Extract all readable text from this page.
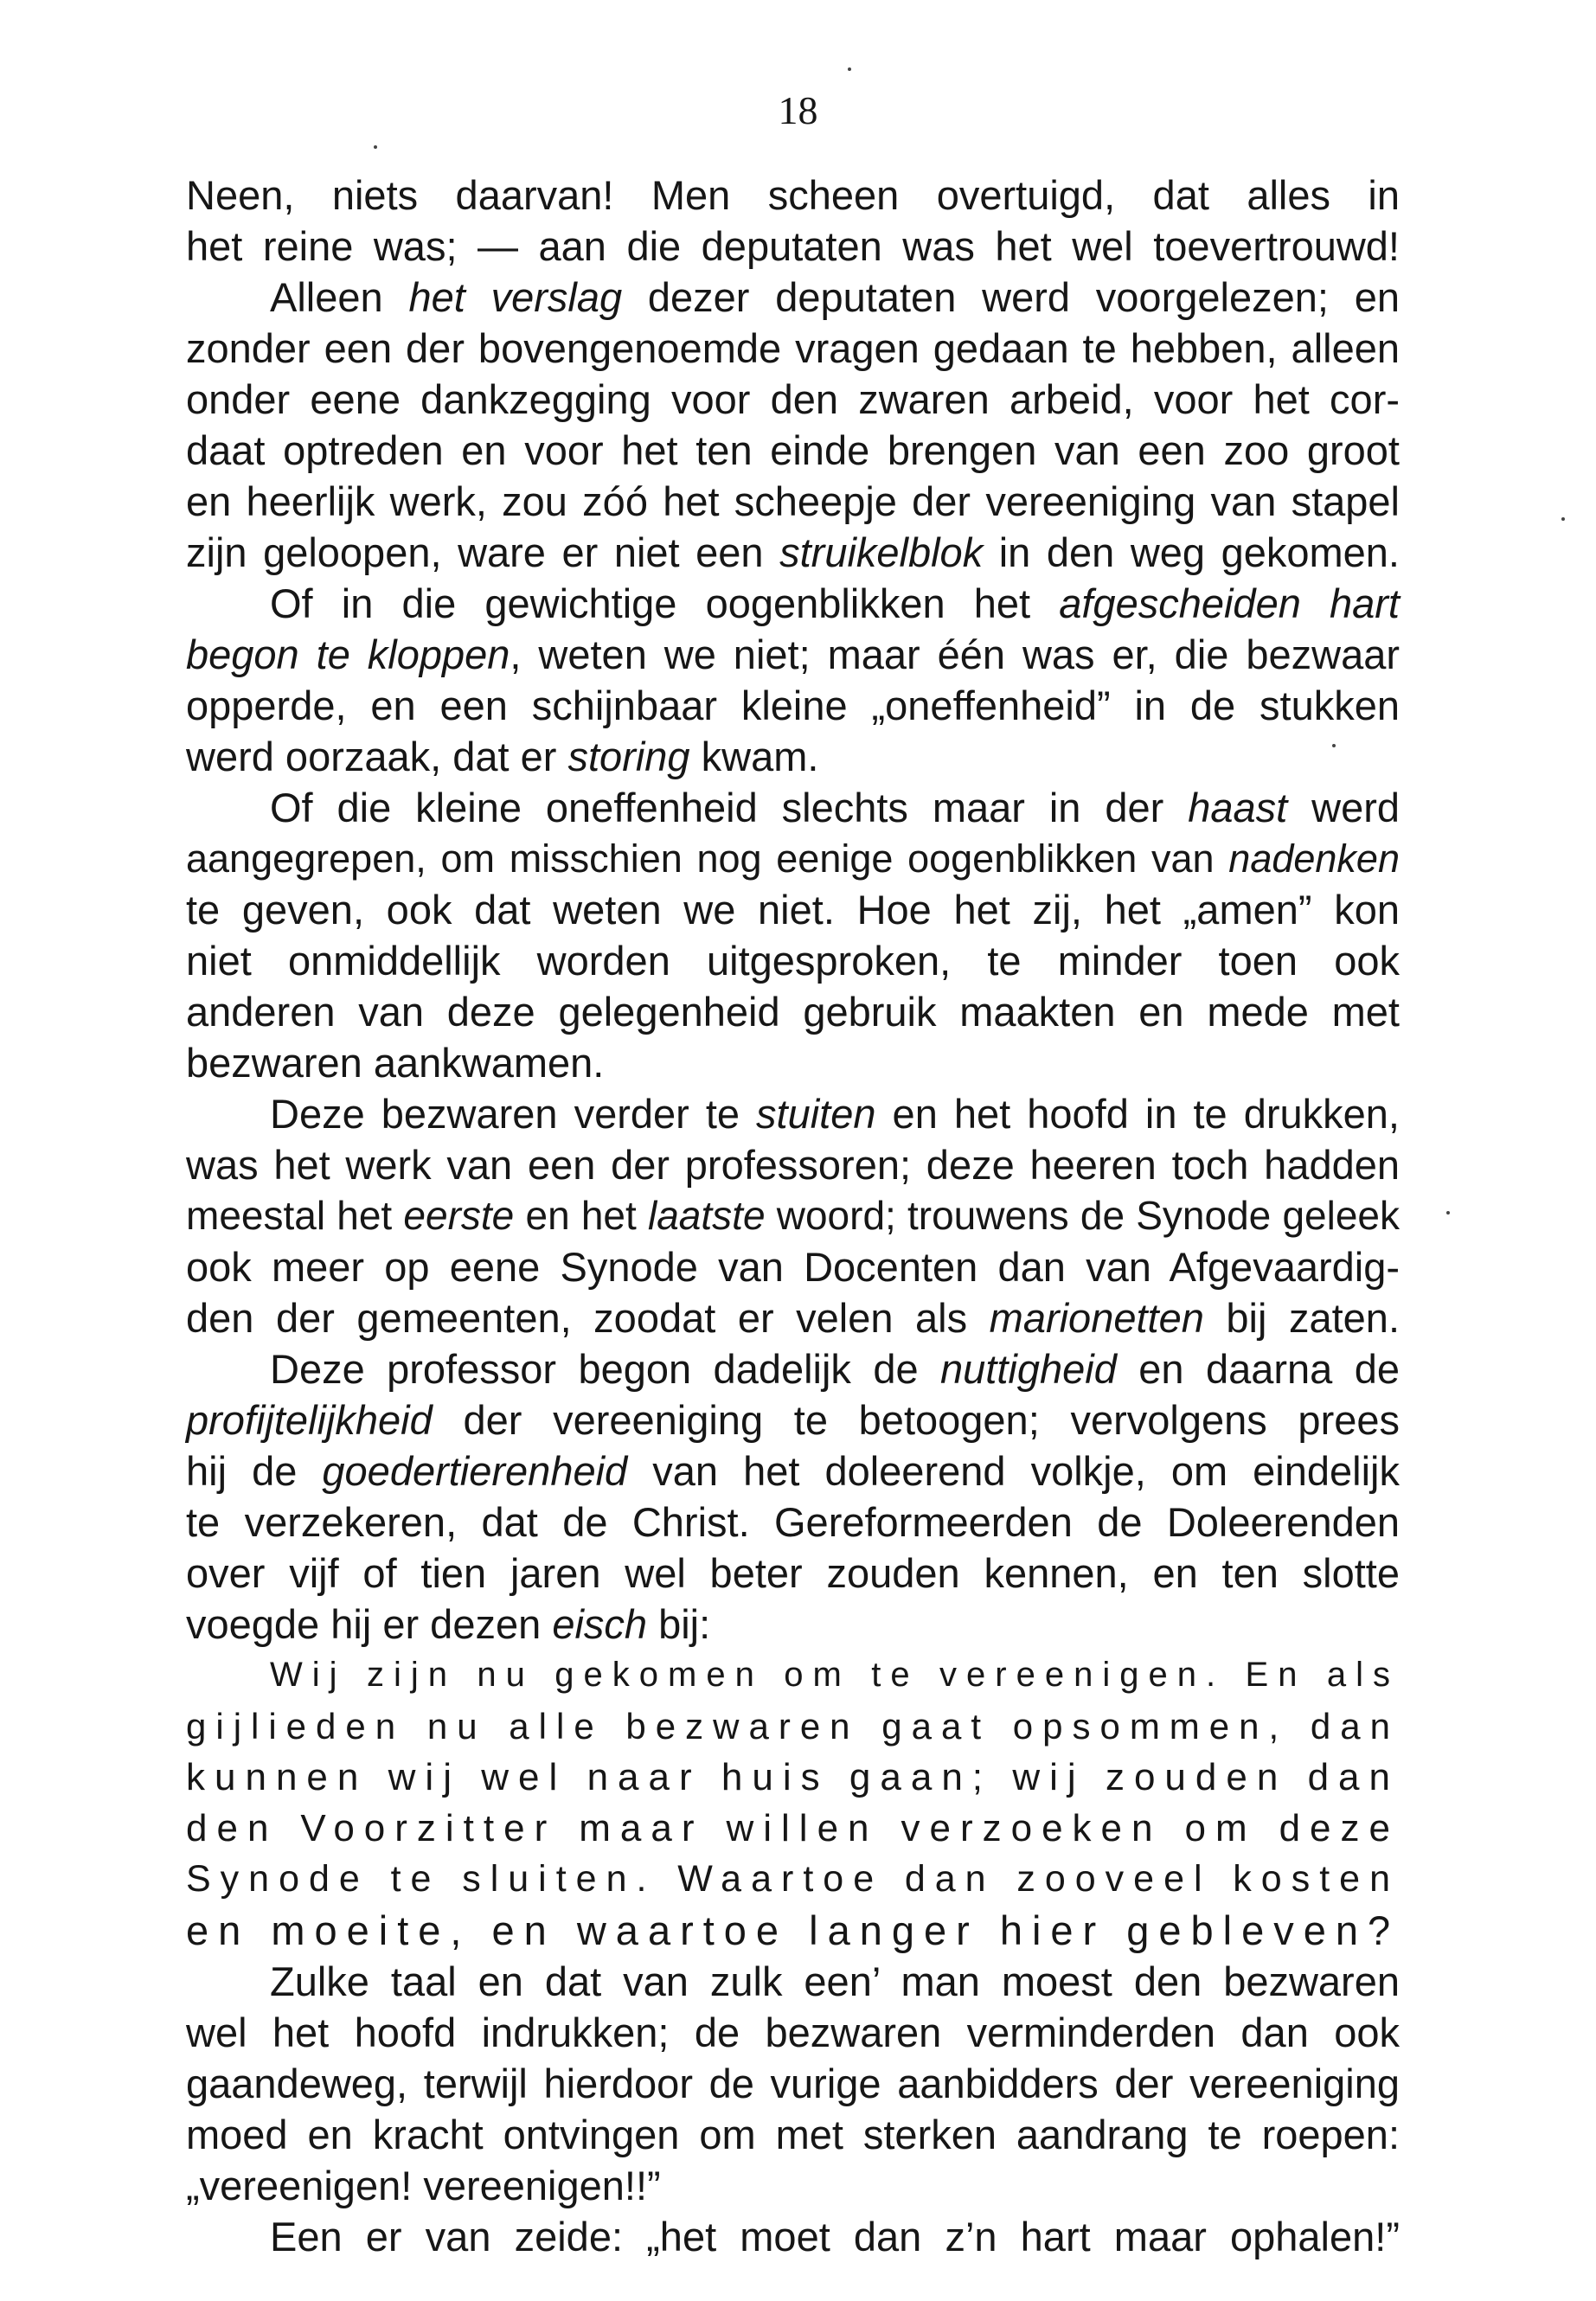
18
Neen, niets daarvan! Men scheen overtuigd, dat alles in
het reine was; — aan die deputaten was het wel toevertrouwd!
Alleen het verslag dezer deputaten werd voorgelezen; en
zonder een der bovengenoemde vragen gedaan te hebben, alleen
onder eene dankzegging voor den zwaren arbeid, voor het cor-
daat optreden en voor het ten einde brengen van een zoo groot
en heerlijk werk, zou zóó het scheepje der vereeniging van stapel
zijn geloopen, ware er niet een struikelblok in den weg gekomen.
Of in die gewichtige oogenblikken het afgescheiden hart
begon te kloppen, weten we niet; maar één was er, die bezwaar
opperde, en een schijnbaar kleine „oneffenheid” in de stukken
werd oorzaak, dat er storing kwam.
Of die kleine oneffenheid slechts maar in der haast werd
aangegrepen, om misschien nog eenige oogenblikken van nadenken
te geven, ook dat weten we niet. Hoe het zij, het „amen” kon
niet onmiddellijk worden uitgesproken, te minder toen ook
anderen van deze gelegenheid gebruik maakten en mede met
bezwaren aankwamen.
Deze bezwaren verder te stuiten en het hoofd in te drukken,
was het werk van een der professoren; deze heeren toch hadden
meestal het eerste en het laatste woord; trouwens de Synode geleek
ook meer op eene Synode van Docenten dan van Afgevaardig-
den der gemeenten, zoodat er velen als marionetten bij zaten.
Deze professor begon dadelijk de nuttigheid en daarna de
profijtelijkheid der vereeniging te betoogen; vervolgens prees
hij de goedertierenheid van het doleerend volkje, om eindelijk
te verzekeren, dat de Christ. Gereformeerden de Doleerenden
over vijf of tien jaren wel beter zouden kennen, en ten slotte
voegde hij er dezen eisch bij:
Wij zijn nu gekomen om te vereenigen. En als
gijlieden nu alle bezwaren gaat opsommen, dan
kunnen wij wel naar huis gaan; wij zouden dan
den Voorzitter maar willen verzoeken om deze
Synode te sluiten. Waartoe dan zooveel kosten
en moeite, en waartoe langer hier gebleven?
Zulke taal en dat van zulk een’ man moest den bezwaren
wel het hoofd indrukken; de bezwaren verminderden dan ook
gaandeweg, terwijl hierdoor de vurige aanbidders der vereeniging
moed en kracht ontvingen om met sterken aandrang te roepen:
„vereenigen! vereenigen!!”
Een er van zeide: „het moet dan z’n hart maar ophalen!”
